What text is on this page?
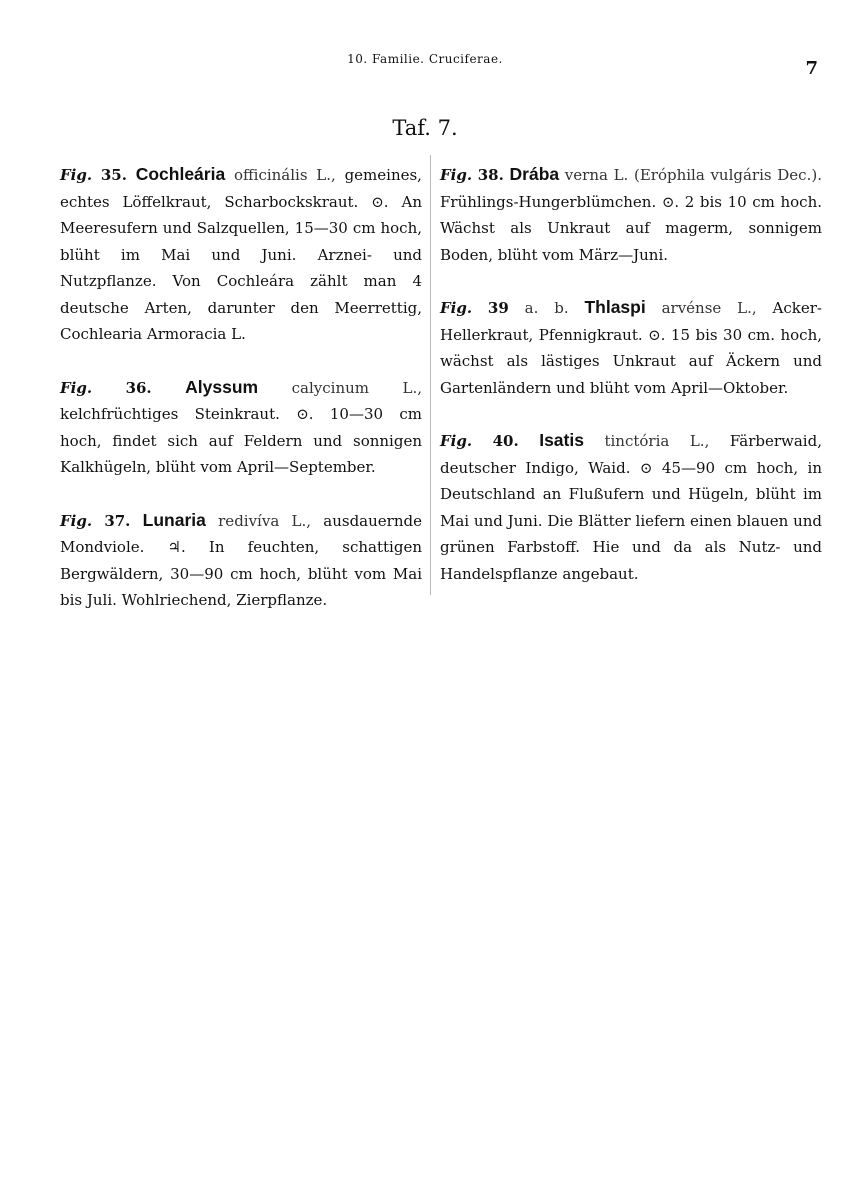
10. Familie. Cruciferae.	7
Taf. 7.

Fig. 35. Cochleária officinális L., gemeines, echtes Löffelkraut, Scharbockskraut. ⊙. An Meeresufern und Salzquellen, 15—30 cm hoch, blüht im Mai und Juni. Arznei- und Nutzpflanze. Von Cochleára zählt man 4 deutsche Arten, darunter den Meerrettig, Cochlearia Armoracia L.

Fig. 36. Alyssum calycinum L., kelchfrüchtiges Steinkraut. ⊙. 10—30 cm hoch, findet sich auf Feldern und sonnigen Kalkhügeln, blüht vom April—September.

Fig. 37. Lunaria redivíva L., ausdauernde Mondviole. ♃. In feuchten, schattigen Bergwäldern, 30—90 cm hoch, blüht vom Mai bis Juli. Wohlriechend, Zierpflanze.

Fig. 38. Drába verna L. (Eróphila vulgáris Dec.). Frühlings-Hungerblümchen. ⊙. 2 bis 10 cm hoch. Wächst als Unkraut auf magerm, sonnigem Boden, blüht vom März—Juni.

Fig. 39 a. b. Thlaspi arvénse L., Acker-Hellerkraut, Pfennigkraut. ⊙. 15 bis 30 cm. hoch, wächst als lästiges Unkraut auf Äckern und Gartenländern und blüht vom April—Oktober.

Fig. 40. Isatis tinctória L., Färberwaid, deutscher Indigo, Waid. ⊙ 45—90 cm hoch, in Deutschland an Flußufern und Hügeln, blüht im Mai und Juni. Die Blätter liefern einen blauen und grünen Farbstoff. Hie und da als Nutz- und Handelspflanze angebaut.
